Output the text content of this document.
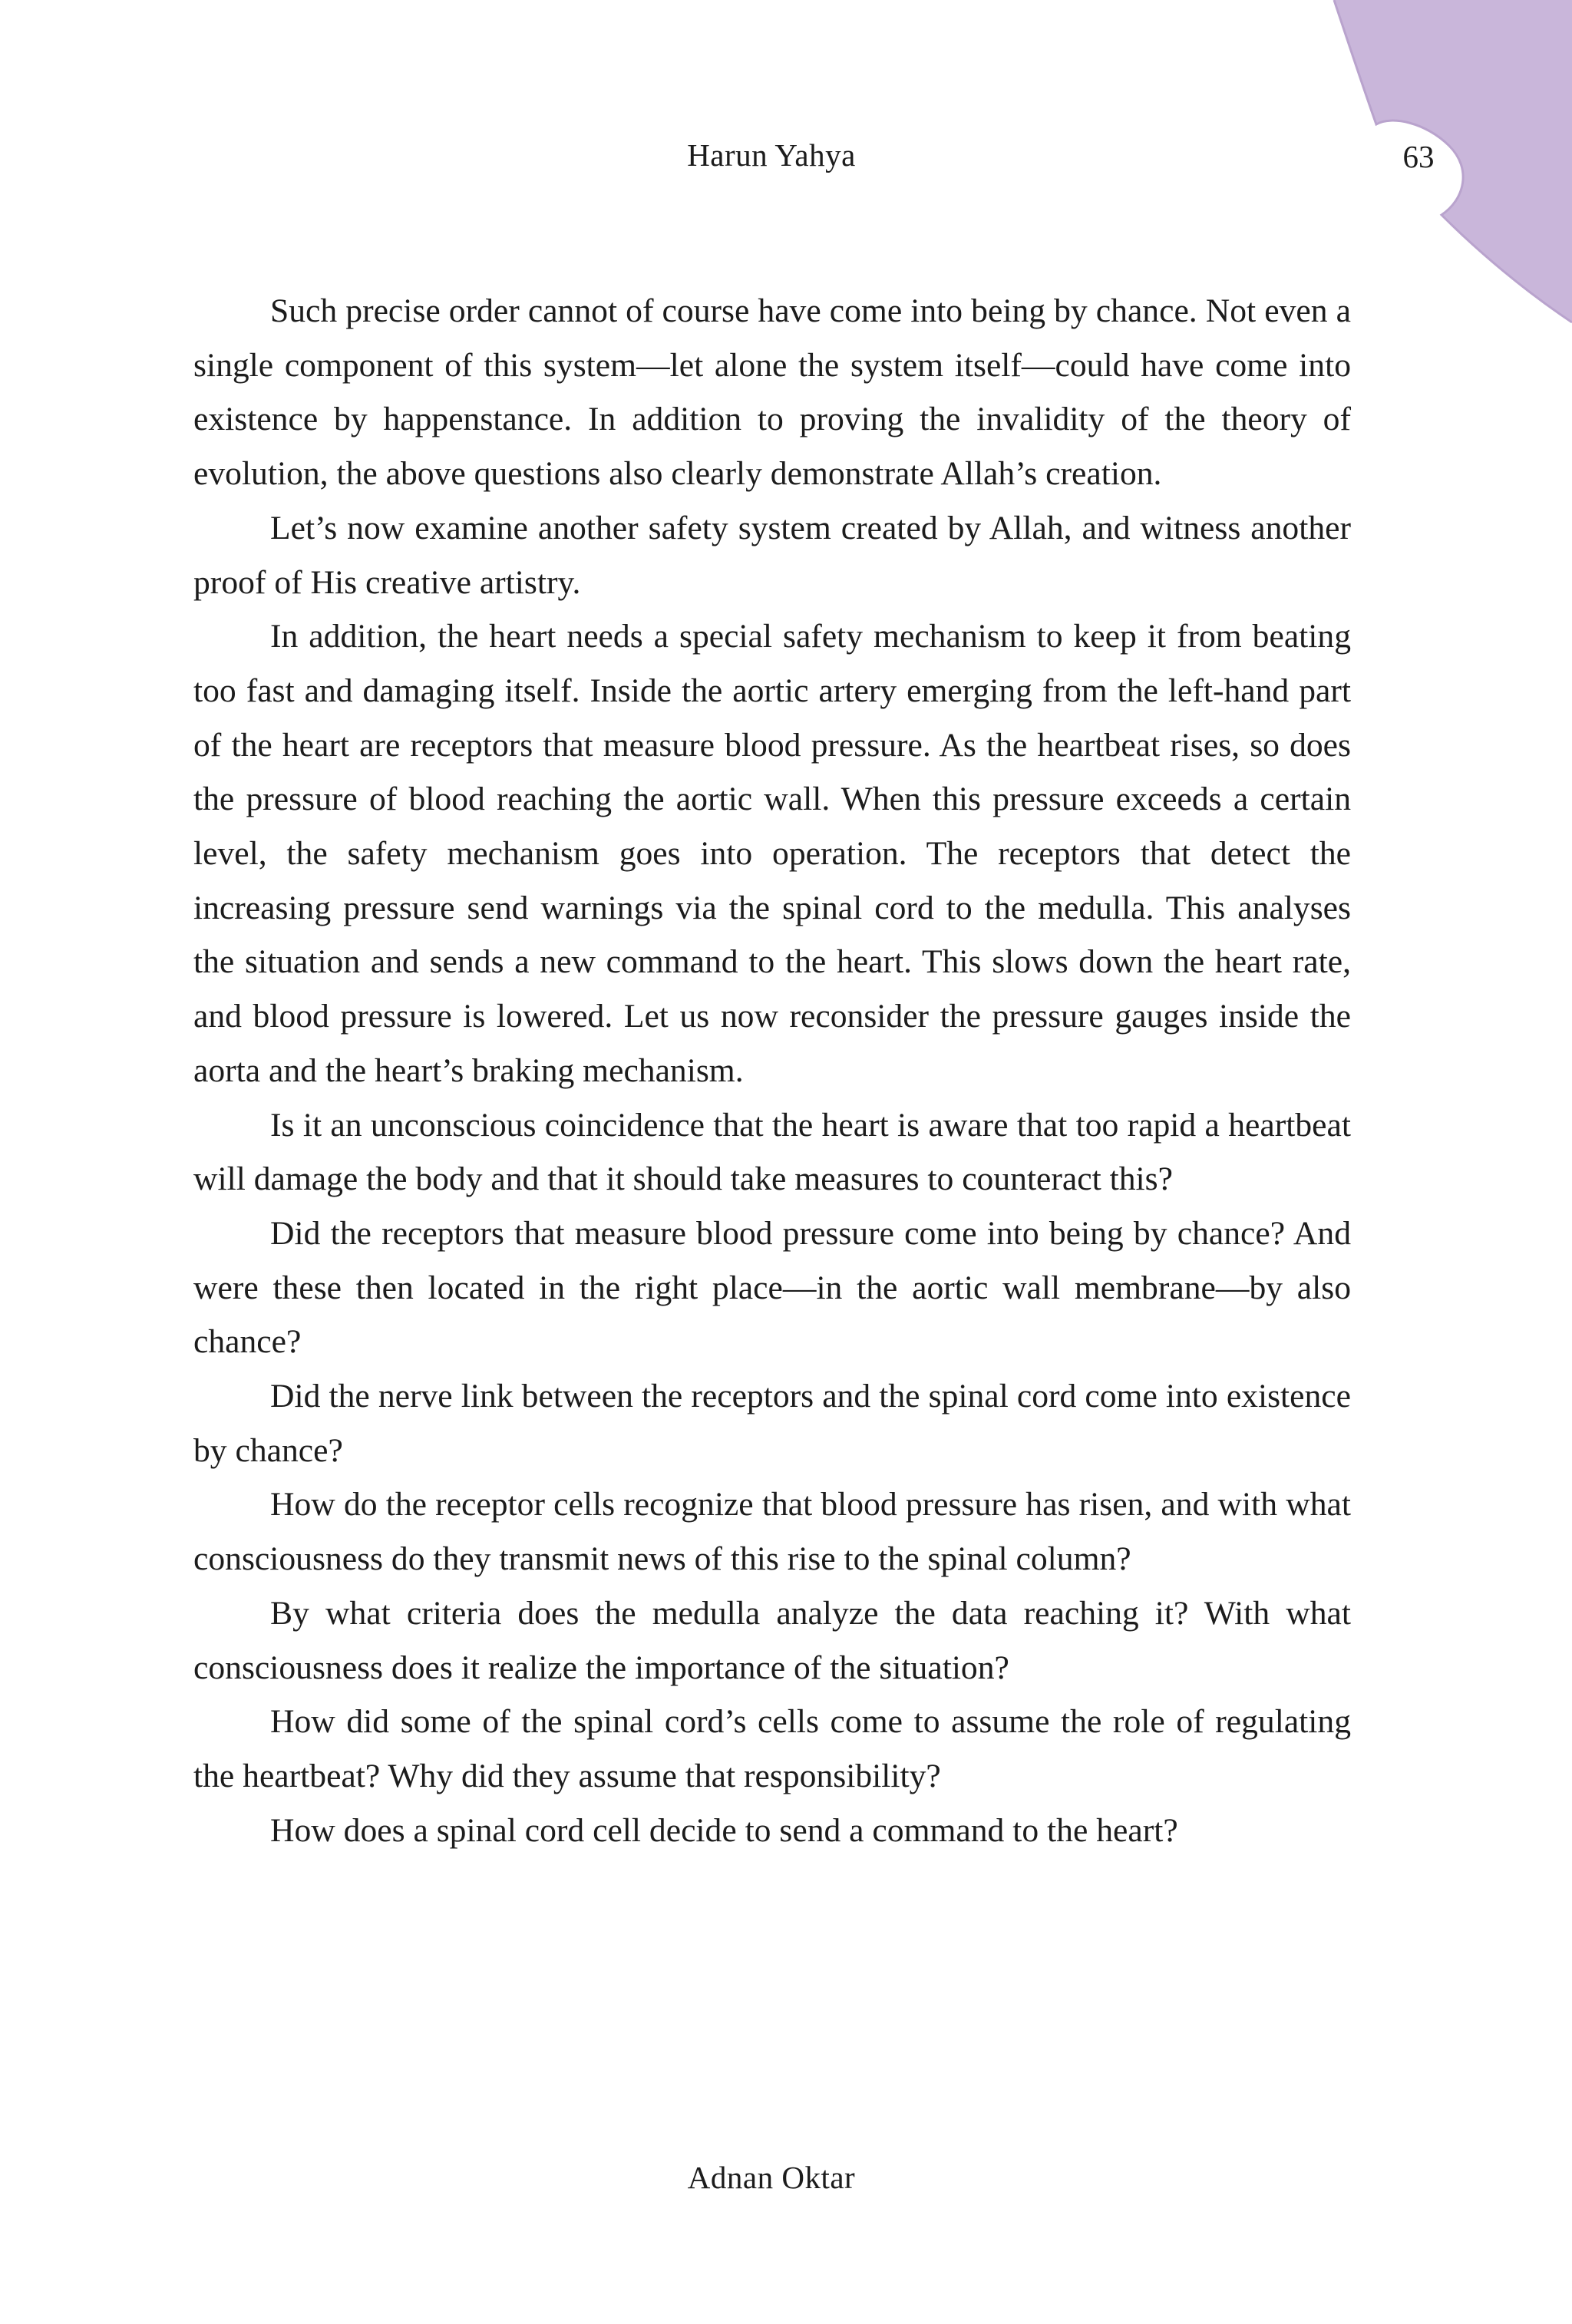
Harun Yahya	63

Such precise order cannot of course have come into being by chance. Not even a single component of this system—let alone the system itself—could have come into existence by happenstance. In addition to proving the invalidity of the theory of evolution, the above questions also clearly demonstrate Allah’s creation.

Let’s now examine another safety system created by Allah, and witness another proof of His creative artistry.

In addition, the heart needs a special safety mechanism to keep it from beating too fast and damaging itself. Inside the aortic artery emerging from the left-hand part of the heart are receptors that measure blood pressure. As the heartbeat rises, so does the pressure of blood reaching the aortic wall. When this pressure exceeds a certain level, the safety mechanism goes into operation. The receptors that detect the increasing pressure send warnings via the spinal cord to the medulla. This analyses the situation and sends a new command to the heart. This slows down the heart rate, and blood pressure is lowered. Let us now reconsider the pressure gauges inside the aorta and the heart’s braking mechanism.

Is it an unconscious coincidence that the heart is aware that too rapid a heartbeat will damage the body and that it should take measures to counteract this?

Did the receptors that measure blood pressure come into being by chance? And were these then located in the right place—in the aortic wall membrane—by also chance?

Did the nerve link between the receptors and the spinal cord come into existence by chance?

How do the receptor cells recognize that blood pressure has risen, and with what consciousness do they transmit news of this rise to the spinal column?

By what criteria does the medulla analyze the data reaching it? With what consciousness does it realize the importance of the situation?

How did some of the spinal cord’s cells come to assume the role of regulating the heartbeat? Why did they assume that responsibility?

How does a spinal cord cell decide to send a command to the heart?

Adnan Oktar
